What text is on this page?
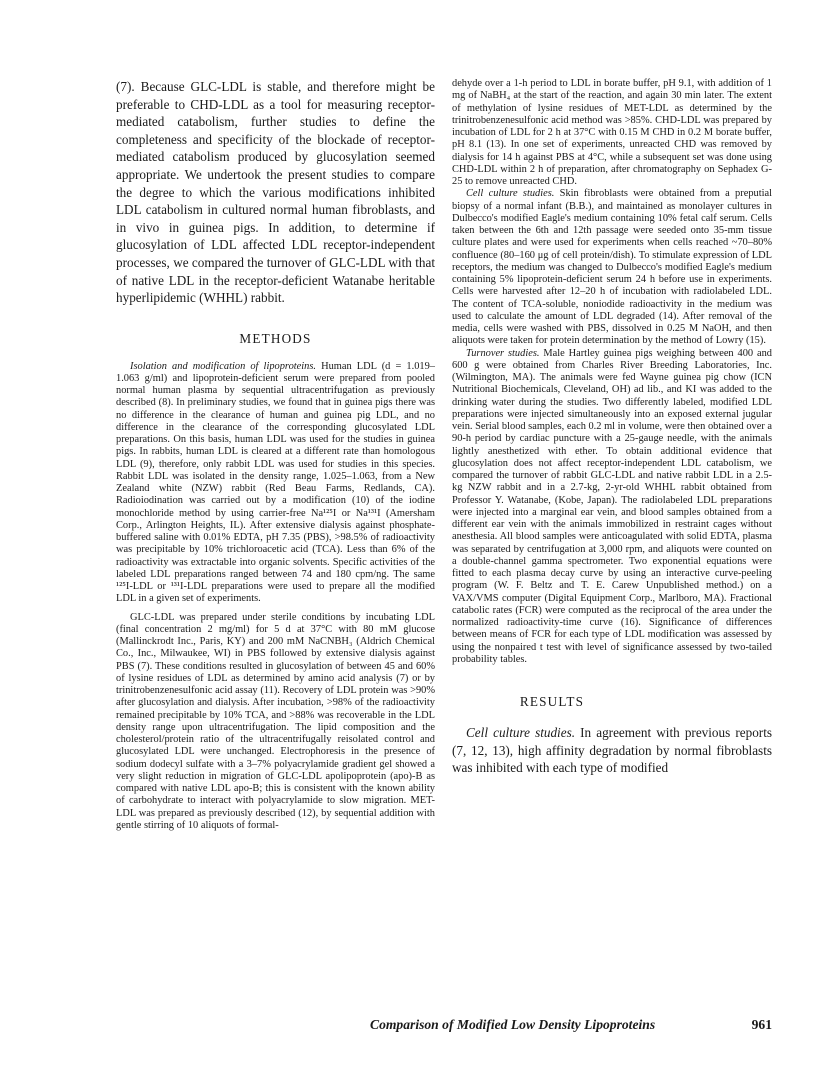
(7). Because GLC-LDL is stable, and therefore might be preferable to CHD-LDL as a tool for measuring receptor-mediated catabolism, further studies to define the completeness and specificity of the blockade of receptor-mediated catabolism produced by glucosylation seemed appropriate. We undertook the present studies to compare the degree to which the various modifications inhibited LDL catabolism in cultured normal human fibroblasts, and in vivo in guinea pigs. In addition, to determine if glucosylation of LDL affected LDL receptor-independent processes, we compared the turnover of GLC-LDL with that of native LDL in the receptor-deficient Watanabe heritable hyperlipidemic (WHHL) rabbit.

METHODS

Isolation and modification of lipoproteins. Human LDL (d = 1.019–1.063 g/ml) and lipoprotein-deficient serum were prepared from pooled normal human plasma by sequential ultracentrifugation as previously described (8). In preliminary studies, we found that in guinea pigs there was no difference in the clearance of human and guinea pig LDL, and no difference in the clearance of the corresponding glucosylated LDL preparations. On this basis, human LDL was used for the studies in guinea pigs. In rabbits, human LDL is cleared at a different rate than homologous LDL (9), therefore, only rabbit LDL was used for studies in this species. Rabbit LDL was isolated in the density range, 1.025–1.063, from a New Zealand white (NZW) rabbit (Red Beau Farms, Redlands, CA). Radioiodination was carried out by a modification (10) of the iodine monochloride method by using carrier-free Na¹²⁵I or Na¹³¹I (Amersham Corp., Arlington Heights, IL). After extensive dialysis against phosphate-buffered saline with 0.01% EDTA, pH 7.35 (PBS), >98.5% of radioactivity was precipitable by 10% trichloroacetic acid (TCA). Less than 6% of the radioactivity was extractable into organic solvents. Specific activities of the labeled LDL preparations ranged between 74 and 180 cpm/ng. The same ¹²⁵I-LDL or ¹³¹I-LDL preparations were used to prepare all the modified LDL in a given set of experiments.

GLC-LDL was prepared under sterile conditions by incubating LDL (final concentration 2 mg/ml) for 5 d at 37°C with 80 mM glucose (Mallinckrodt Inc., Paris, KY) and 200 mM NaCNBH₃ (Aldrich Chemical Co., Inc., Milwaukee, WI) in PBS followed by extensive dialysis against PBS (7). These conditions resulted in glucosylation of between 45 and 60% of lysine residues of LDL as determined by amino acid analysis (7) or by trinitrobenzenesulfonic acid assay (11). Recovery of LDL protein was >90% after glucosylation and dialysis. After incubation, >98% of the radioactivity remained precipitable by 10% TCA, and >88% was recoverable in the LDL density range upon ultracentrifugation. The lipid composition and the cholesterol/protein ratio of the ultracentrifugally reisolated control and glucosylated LDL were unchanged. Electrophoresis in the presence of sodium dodecyl sulfate with a 3–7% polyacrylamide gradient gel showed a very slight reduction in migration of GLC-LDL apolipoprotein (apo)-B as compared with native LDL apo-B; this is consistent with the known ability of carbohydrate to interact with polyacrylamide to slow migration. MET-LDL was prepared as previously described (12), by sequential addition with gentle stirring of 10 aliquots of formal-

dehyde over a 1-h period to LDL in borate buffer, pH 9.1, with addition of 1 mg of NaBH₄ at the start of the reaction, and again 30 min later. The extent of methylation of lysine residues of MET-LDL as determined by the trinitrobenzenesulfonic acid method was >85%. CHD-LDL was prepared by incubation of LDL for 2 h at 37°C with 0.15 M CHD in 0.2 M borate buffer, pH 8.1 (13). In one set of experiments, unreacted CHD was removed by dialysis for 14 h against PBS at 4°C, while a subsequent set was done using CHD-LDL within 2 h of preparation, after chromatography on Sephadex G-25 to remove unreacted CHD.

Cell culture studies. Skin fibroblasts were obtained from a preputial biopsy of a normal infant (B.B.), and maintained as monolayer cultures in Dulbecco's modified Eagle's medium containing 10% fetal calf serum. Cells taken between the 6th and 12th passage were seeded onto 35-mm tissue culture plates and were used for experiments when cells reached ~70–80% confluence (80–160 μg of cell protein/dish). To stimulate expression of LDL receptors, the medium was changed to Dulbecco's modified Eagle's medium containing 5% lipoprotein-deficient serum 24 h before use in experiments. Cells were harvested after 12–20 h of incubation with radiolabeled LDL. The content of TCA-soluble, noniodide radioactivity in the medium was used to calculate the amount of LDL degraded (14). After removal of the media, cells were washed with PBS, dissolved in 0.25 M NaOH, and then aliquots were taken for protein determination by the method of Lowry (15).

Turnover studies. Male Hartley guinea pigs weighing between 400 and 600 g were obtained from Charles River Breeding Laboratories, Inc. (Wilmington, MA). The animals were fed Wayne guinea pig chow (ICN Nutritional Biochemicals, Cleveland, OH) ad lib., and KI was added to the drinking water during the studies. Two differently labeled, modified LDL preparations were injected simultaneously into an exposed external jugular vein. Serial blood samples, each 0.2 ml in volume, were then obtained over a 90-h period by cardiac puncture with a 25-gauge needle, with the animals lightly anesthetized with ether. To obtain additional evidence that glucosylation does not affect receptor-independent LDL catabolism, we compared the turnover of rabbit GLC-LDL and native rabbit LDL in a 2.5-kg NZW rabbit and in a 2.7-kg, 2-yr-old WHHL rabbit obtained from Professor Y. Watanabe, (Kobe, Japan). The radiolabeled LDL preparations were injected into a marginal ear vein, and blood samples obtained from a different ear vein with the animals immobilized in restraint cages without anesthesia. All blood samples were anticoagulated with solid EDTA, plasma was separated by centrifugation at 3,000 rpm, and aliquots were counted on a double-channel gamma spectrometer. Two exponential equations were fitted to each plasma decay curve by using an interactive curve-peeling program (W. F. Beltz and T. E. Carew Unpublished method.) on a VAX/VMS computer (Digital Equipment Corp., Marlboro, MA). Fractional catabolic rates (FCR) were computed as the reciprocal of the area under the normalized radioactivity-time curve (16). Significance of differences between means of FCR for each type of LDL modification was assessed by using the nonpaired t test with level of significance assessed by two-tailed probability tables.

RESULTS

Cell culture studies. In agreement with previous reports (7, 12, 13), high affinity degradation by normal fibroblasts was inhibited with each type of modified

Comparison of Modified Low Density Lipoproteins	961
